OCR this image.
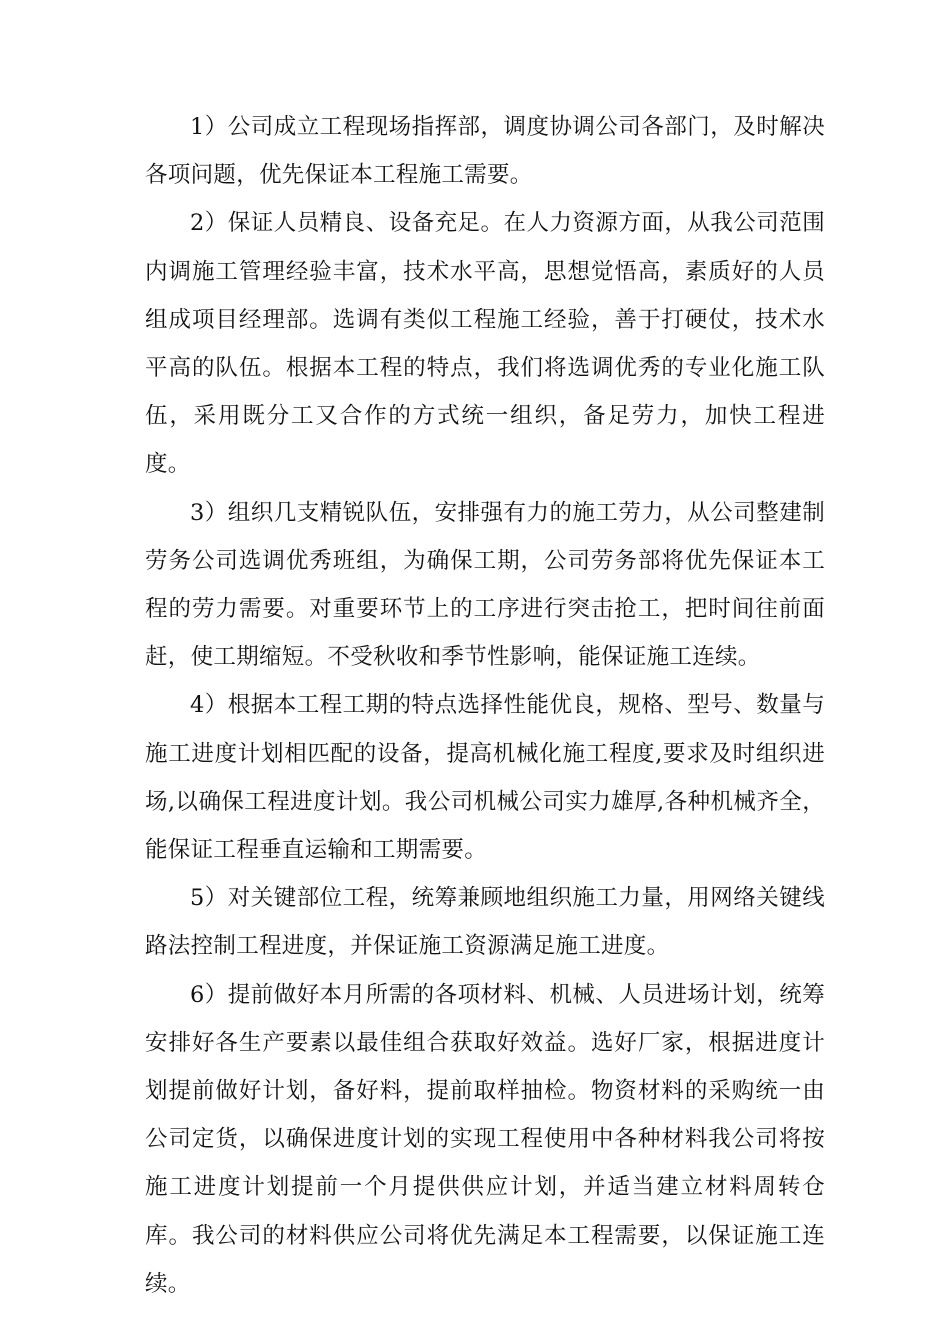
1）公司成立工程现场指挥部，调度协调公司各部门，及时解决各项问题，优先保证本工程施工需要。

2）保证人员精良、设备充足。在人力资源方面，从我公司范围内调施工管理经验丰富，技术水平高，思想觉悟高，素质好的人员组成项目经理部。选调有类似工程施工经验，善于打硬仗，技术水平高的队伍。根据本工程的特点，我们将选调优秀的专业化施工队伍，采用既分工又合作的方式统一组织，备足劳力，加快工程进度。

3）组织几支精锐队伍，安排强有力的施工劳力，从公司整建制劳务公司选调优秀班组，为确保工期，公司劳务部将优先保证本工程的劳力需要。对重要环节上的工序进行突击抢工，把时间往前面赶，使工期缩短。不受秋收和季节性影响，能保证施工连续。

4）根据本工程工期的特点选择性能优良，规格、型号、数量与施工进度计划相匹配的设备，提高机械化施工程度,要求及时组织进场,以确保工程进度计划。我公司机械公司实力雄厚,各种机械齐全，能保证工程垂直运输和工期需要。

5）对关键部位工程，统筹兼顾地组织施工力量，用网络关键线路法控制工程进度，并保证施工资源满足施工进度。

6）提前做好本月所需的各项材料、机械、人员进场计划，统筹安排好各生产要素以最佳组合获取好效益。选好厂家，根据进度计划提前做好计划，备好料，提前取样抽检。物资材料的采购统一由公司定货，以确保进度计划的实现工程使用中各种材料我公司将按施工进度计划提前一个月提供供应计划，并适当建立材料周转仓库。我公司的材料供应公司将优先满足本工程需要，以保证施工连续。
